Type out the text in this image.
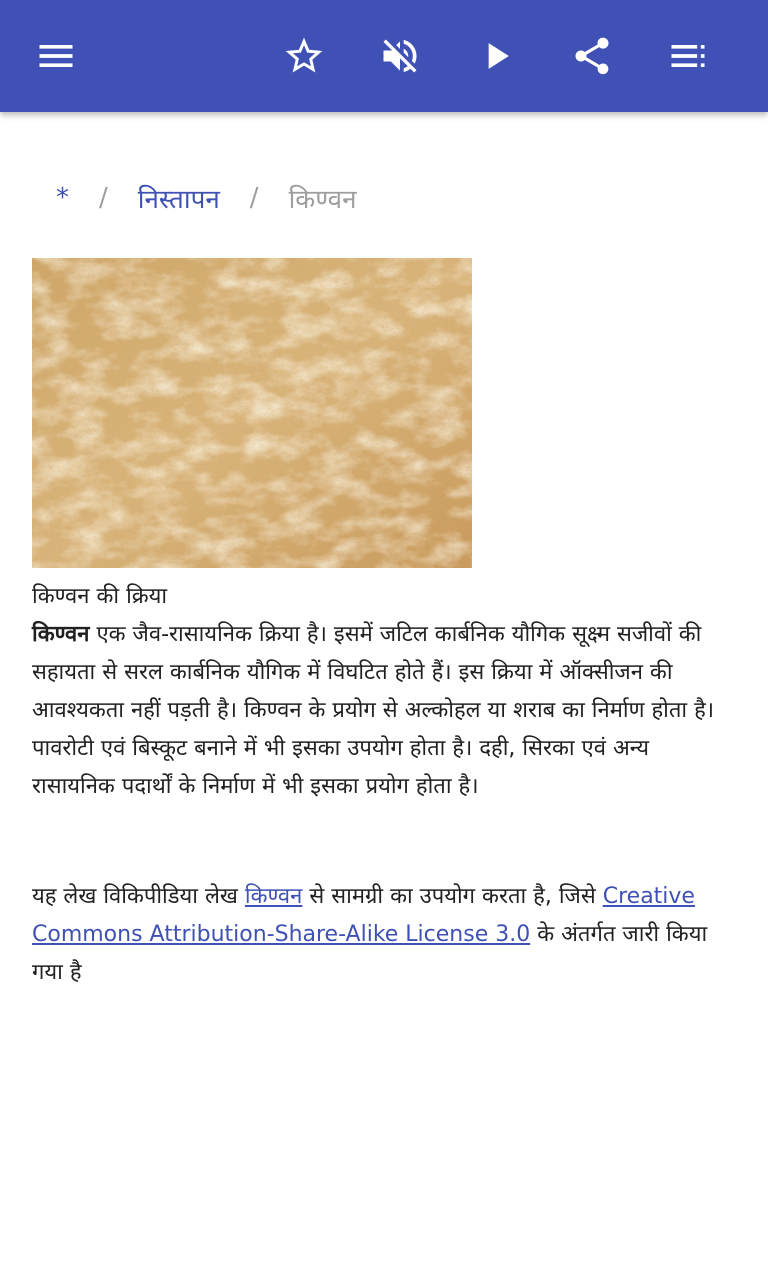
* / निस्तापन / किण्वन

किण्वन की क्रिया

किण्वन एक जैव-रासायनिक क्रिया है। इसमें जटिल कार्बनिक यौगिक सूक्ष्म सजीवों की सहायता से सरल कार्बनिक यौगिक में विघटित होते हैं। इस क्रिया में ऑक्सीजन की आवश्यकता नहीं पड़ती है। किण्वन के प्रयोग से अल्कोहल या शराब का निर्माण होता है। पावरोटी एवं बिस्कूट बनाने में भी इसका उपयोग होता है। दही, सिरका एवं अन्य रासायनिक पदार्थों के निर्माण में भी इसका प्रयोग होता है।

यह लेख विकिपीडिया लेख किण्वन से सामग्री का उपयोग करता है, जिसे Creative Commons Attribution-Share-Alike License 3.0 के अंतर्गत जारी किया गया है
